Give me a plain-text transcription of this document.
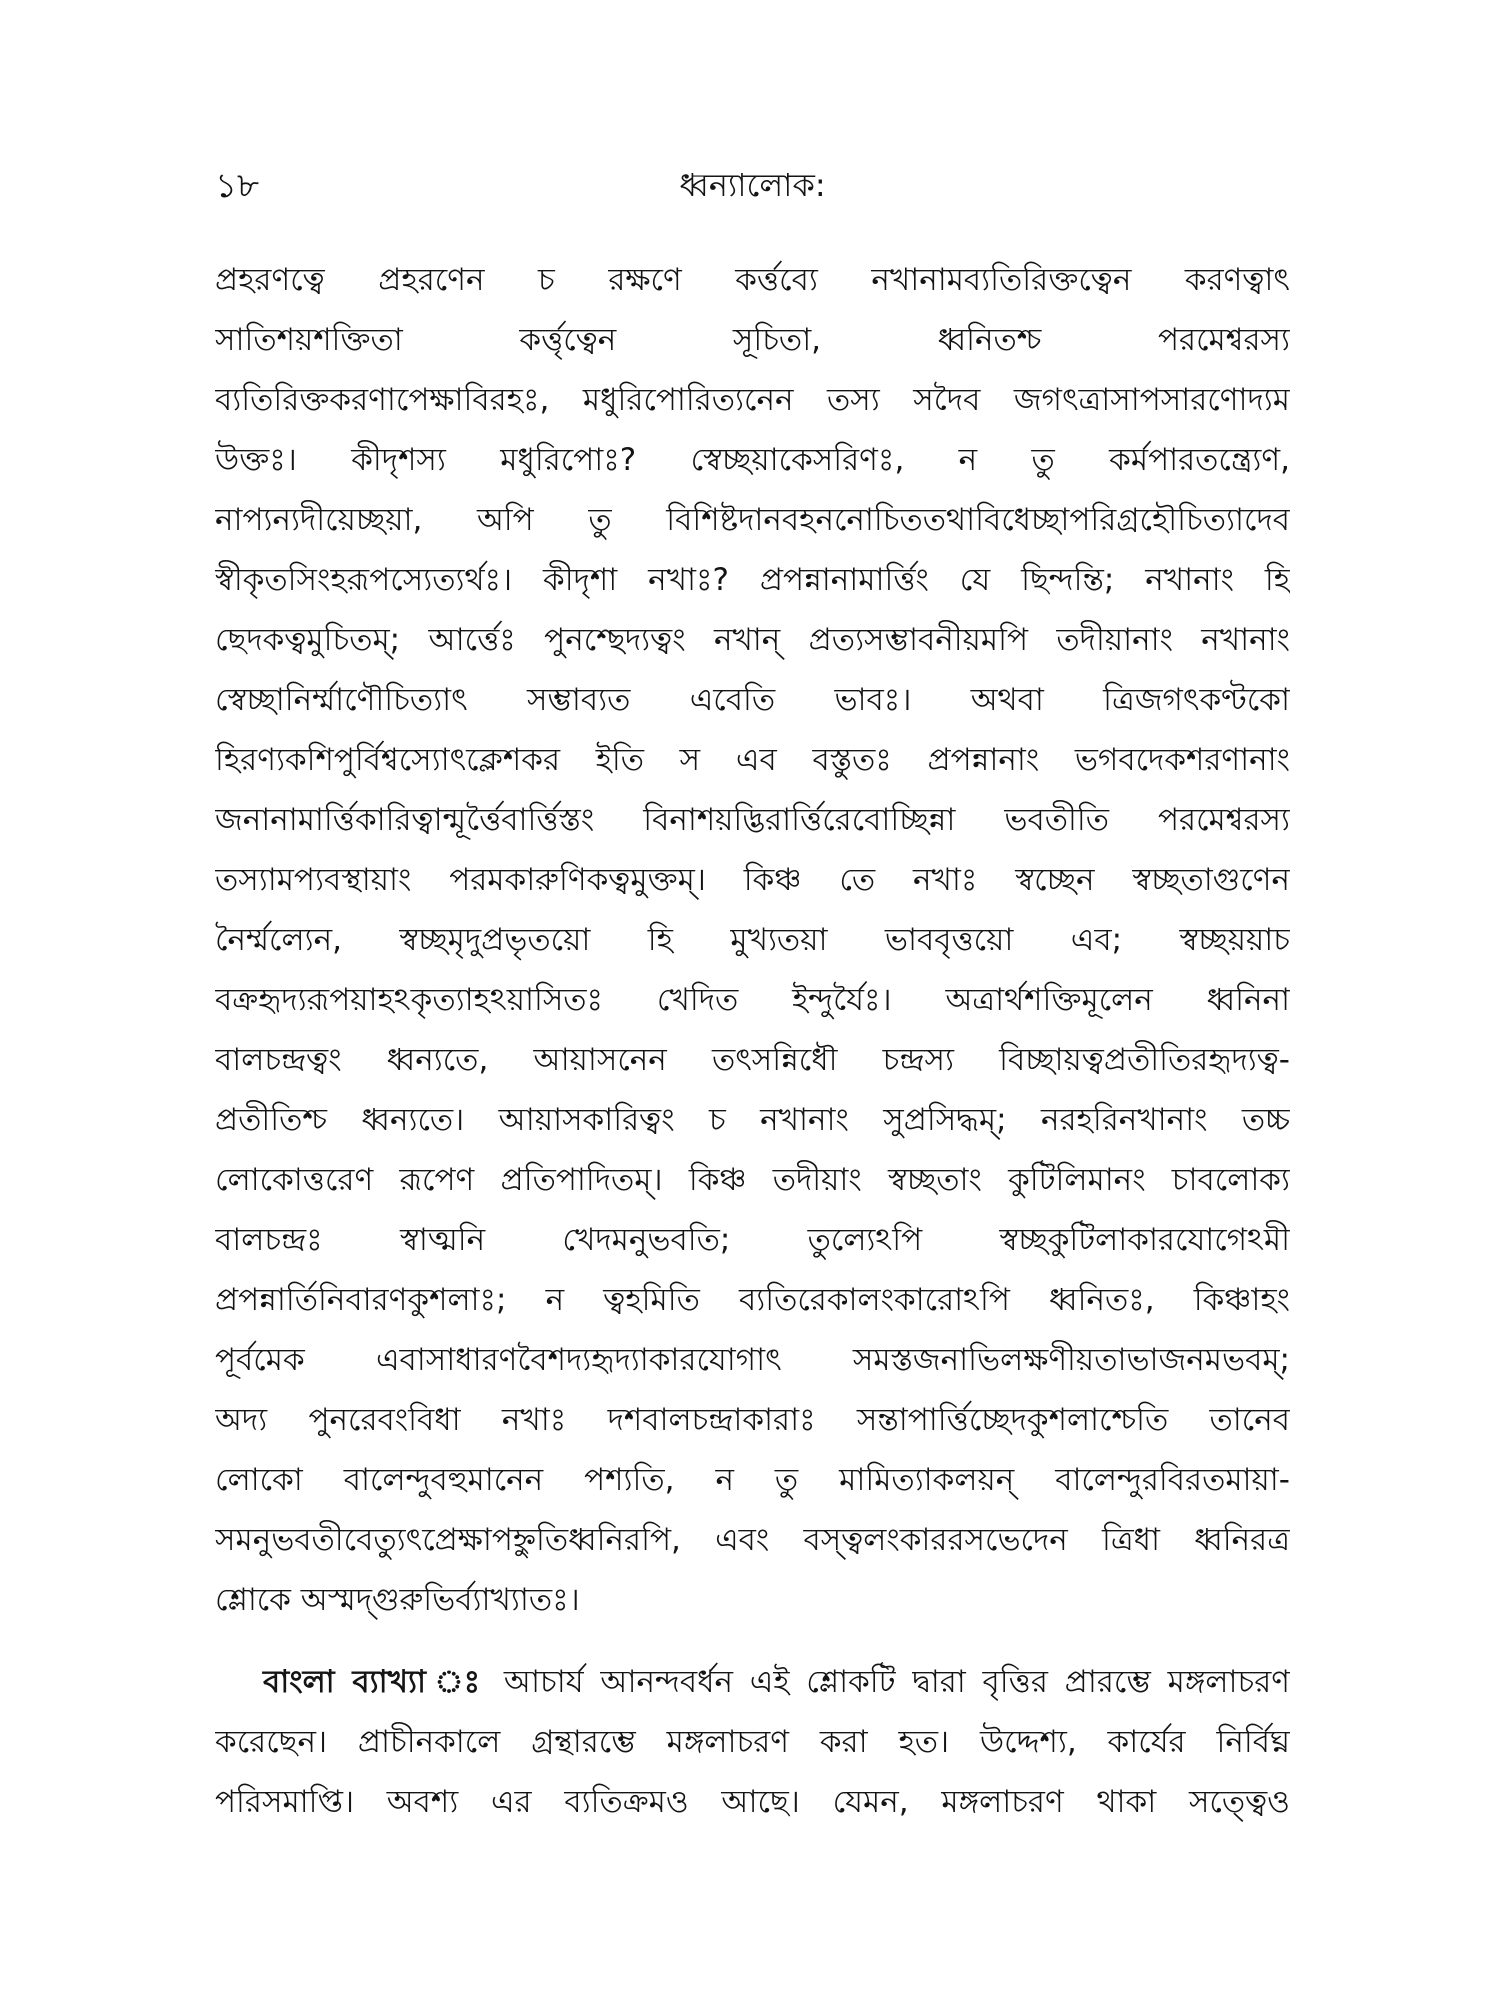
১৮	ধ্বন্যালোক:
প্রহরণত্বে প্রহরণেন চ রক্ষণে কর্ত্তব্যে নখানামব্যতিরিক্তত্বেন করণত্বাৎ
সাতিশয়শক্তিতা কর্ত্তৃত্বেন সূচিতা, ধ্বনিতশ্চ পরমেশ্বরস্য
ব্যতিরিক্তকরণাপেক্ষাবিরহঃ, মধুরিপোরিত্যনেন তস্য সদৈব জগৎত্রাসাপসারণোদ্যম
উক্তঃ। কীদৃশস্য মধুরিপোঃ? স্বেচ্ছয়াকেসরিণঃ, ন তু কর্মপারতন্ত্র্যেণ,
নাপ্যন্যদীয়েচ্ছয়া, অপি তু বিশিষ্টদানবহননোচিততথাবিধেচ্ছাপরিগ্রহৌচিত্যাদেব
স্বীকৃতসিংহরূপস্যেত্যর্থঃ। কীদৃশা নখাঃ? প্রপন্নানামার্ত্তিং যে ছিন্দন্তি; নখানাং হি
ছেদকত্বমুচিতম্; আর্ত্তেঃ পুনশ্ছেদ্যত্বং নখান্ প্রত্যসম্ভাবনীয়মপি তদীয়ানাং নখানাং
স্বেচ্ছানির্ম্মাণৌচিত্যাৎ সম্ভাব্যত এবেতি ভাবঃ। অথবা ত্রিজগৎকণ্টকো
হিরণ্যকশিপুর্বিশ্বস্যোৎক্লেশকর ইতি স এব বস্তুতঃ প্রপন্নানাং ভগবদেকশরণানাং
জনানামার্ত্তিকারিত্বান্মূর্ত্তৈবার্ত্তিস্তং বিনাশয়দ্ভিরার্ত্তিরেবোচ্ছিন্না ভবতীতি পরমেশ্বরস্য
তস্যামপ্যবস্থায়াং পরমকারুণিকত্বমুক্তম্। কিঞ্চ তে নখাঃ স্বচ্ছেন স্বচ্ছতাগুণেন
নৈর্ম্মল্যেন, স্বচ্ছমৃদুপ্রভৃতয়ো হি মুখ্যতয়া ভাববৃত্তয়ো এব; স্বচ্ছয়য়াচ
বক্রহৃদ্যরূপয়াহঽকৃত্যাহঽয়াসিতঃ খেদিত ইন্দুর্যৈঃ। অত্রার্থশক্তিমূলেন ধ্বনিনা
বালচন্দ্রত্বং ধ্বন্যতে, আয়াসনেন তৎসন্নিধৌ চন্দ্রস্য বিচ্ছায়ত্বপ্রতীতিরহৃদ্যত্ব-
প্রতীতিশ্চ ধ্বন্যতে। আয়াসকারিত্বং চ নখানাং সুপ্রসিদ্ধম্; নরহরিনখানাং তচ্চ
লোকোত্তরেণ রূপেণ প্রতিপাদিতম্। কিঞ্চ তদীয়াং স্বচ্ছতাং কুটিলিমানং চাবলোক্য
বালচন্দ্রঃ স্বাত্মনি খেদমনুভবতি; তুল্যেঽপি স্বচ্ছকুটিলাকারযোগেঽমী
প্রপন্নার্তিনিবারণকুশলাঃ; ন ত্বহমিতি ব্যতিরেকালংকারোঽপি ধ্বনিতঃ, কিঞ্চাহং
পূর্বমেক এবাসাধারণবৈশদ্যহৃদ্যাকারযোগাৎ সমস্তজনাভিলক্ষণীয়তাভাজনমভবম্;
অদ্য পুনরেবংবিধা নখাঃ দশবালচন্দ্রাকারাঃ সন্তাপার্ত্তিচ্ছেদকুশলাশ্চেতি তানেব
লোকো বালেন্দুবহুমানেন পশ্যতি, ন তু মামিত্যাকলয়ন্ বালেন্দুরবিরতমায়া-
সমনুভবতীবেত্যুৎপ্রেক্ষাপহ্নুতিধ্বনিরপি, এবং বস্ত্বলংকাররসভেদেন ত্রিধা ধ্বনিরত্র
শ্লোকে অস্মদ্গুরুভির্ব্যাখ্যাতঃ।
বাংলা ব্যাখ্যা ঃ আচার্য আনন্দবর্ধন এই শ্লোকটি দ্বারা বৃত্তির প্রারম্ভে মঙ্গলাচরণ
করেছেন। প্রাচীনকালে গ্রন্থারম্ভে মঙ্গলাচরণ করা হত। উদ্দেশ্য, কার্যের নির্বিঘ্ন
পরিসমাপ্তি। অবশ্য এর ব্যতিক্রমও আছে। যেমন, মঙ্গলাচরণ থাকা সত্ত্বেও
